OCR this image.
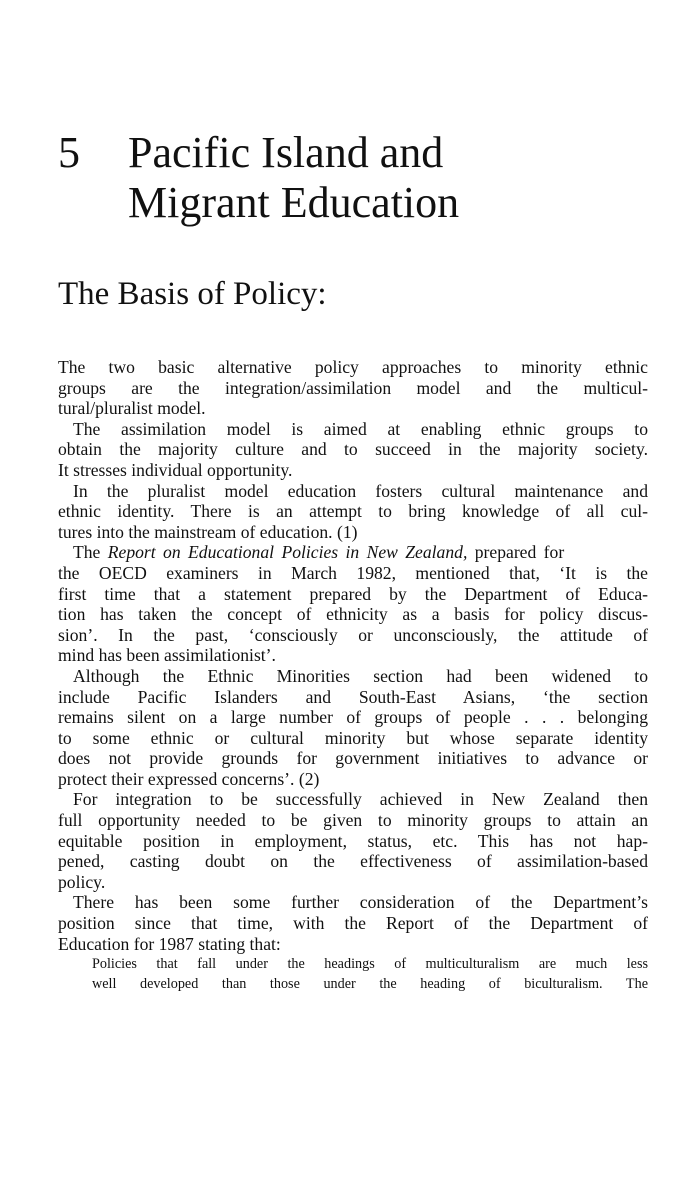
5 Pacific Island and
Migrant Education
The Basis of Policy:
The two basic alternative policy approaches to minority ethnic
groups are the integration/assimilation model and the multicul-
tural/pluralist model.
The assimilation model is aimed at enabling ethnic groups to
obtain the majority culture and to succeed in the majority society.
It stresses individual opportunity.
In the pluralist model education fosters cultural maintenance and
ethnic identity. There is an attempt to bring knowledge of all cul-
tures into the mainstream of education. (1)
The Report on Educational Policies in New Zealand, prepared for
the OECD examiners in March 1982, mentioned that, ‘It is the
first time that a statement prepared by the Department of Educa-
tion has taken the concept of ethnicity as a basis for policy discus-
sion’. In the past, ‘consciously or unconsciously, the attitude of
mind has been assimilationist’.
Although the Ethnic Minorities section had been widened to
include Pacific Islanders and South-East Asians, ‘the section
remains silent on a large number of groups of people . . . belonging
to some ethnic or cultural minority but whose separate identity
does not provide grounds for government initiatives to advance or
protect their expressed concerns’. (2)
For integration to be successfully achieved in New Zealand then
full opportunity needed to be given to minority groups to attain an
equitable position in employment, status, etc. This has not hap-
pened, casting doubt on the effectiveness of assimilation-based
policy.
There has been some further consideration of the Department’s
position since that time, with the Report of the Department of
Education for 1987 stating that:
Policies that fall under the headings of multiculturalism are much less
well developed than those under the heading of biculturalism. The
